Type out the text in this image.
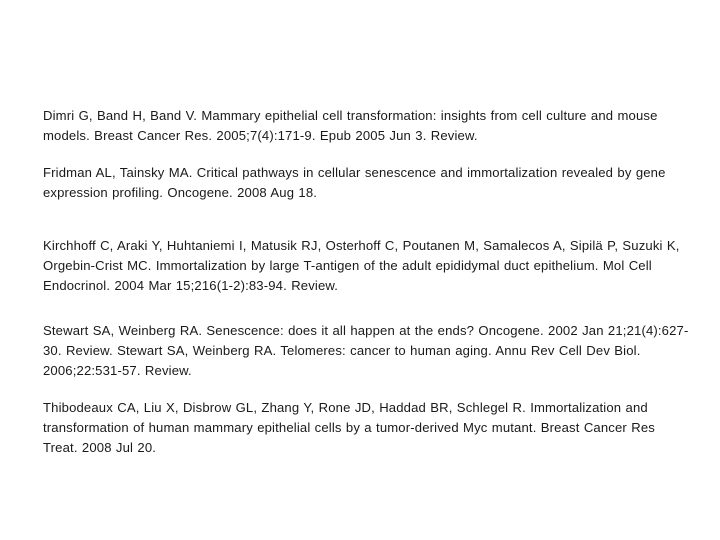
Dimri G, Band H, Band V. Mammary epithelial cell transformation: insights from cell culture and mouse models. Breast Cancer Res. 2005;7(4):171-9. Epub 2005 Jun 3. Review.

Fridman AL, Tainsky MA. Critical pathways in cellular senescence and immortalization revealed by gene expression profiling. Oncogene. 2008 Aug 18.

Kirchhoff C, Araki Y, Huhtaniemi I, Matusik RJ, Osterhoff C, Poutanen M, Samalecos A, Sipilä P, Suzuki K, Orgebin-Crist MC. Immortalization by large T-antigen of the adult epididymal duct epithelium. Mol Cell Endocrinol. 2004 Mar 15;216(1-2):83-94. Review.

Stewart SA, Weinberg RA. Senescence: does it all happen at the ends? Oncogene. 2002 Jan 21;21(4):627-30. Review. Stewart SA, Weinberg RA. Telomeres: cancer to human aging. Annu Rev Cell Dev Biol. 2006;22:531-57. Review.

Thibodeaux CA, Liu X, Disbrow GL, Zhang Y, Rone JD, Haddad BR, Schlegel R. Immortalization and transformation of human mammary epithelial cells by a tumor-derived Myc mutant. Breast Cancer Res Treat. 2008 Jul 20.
